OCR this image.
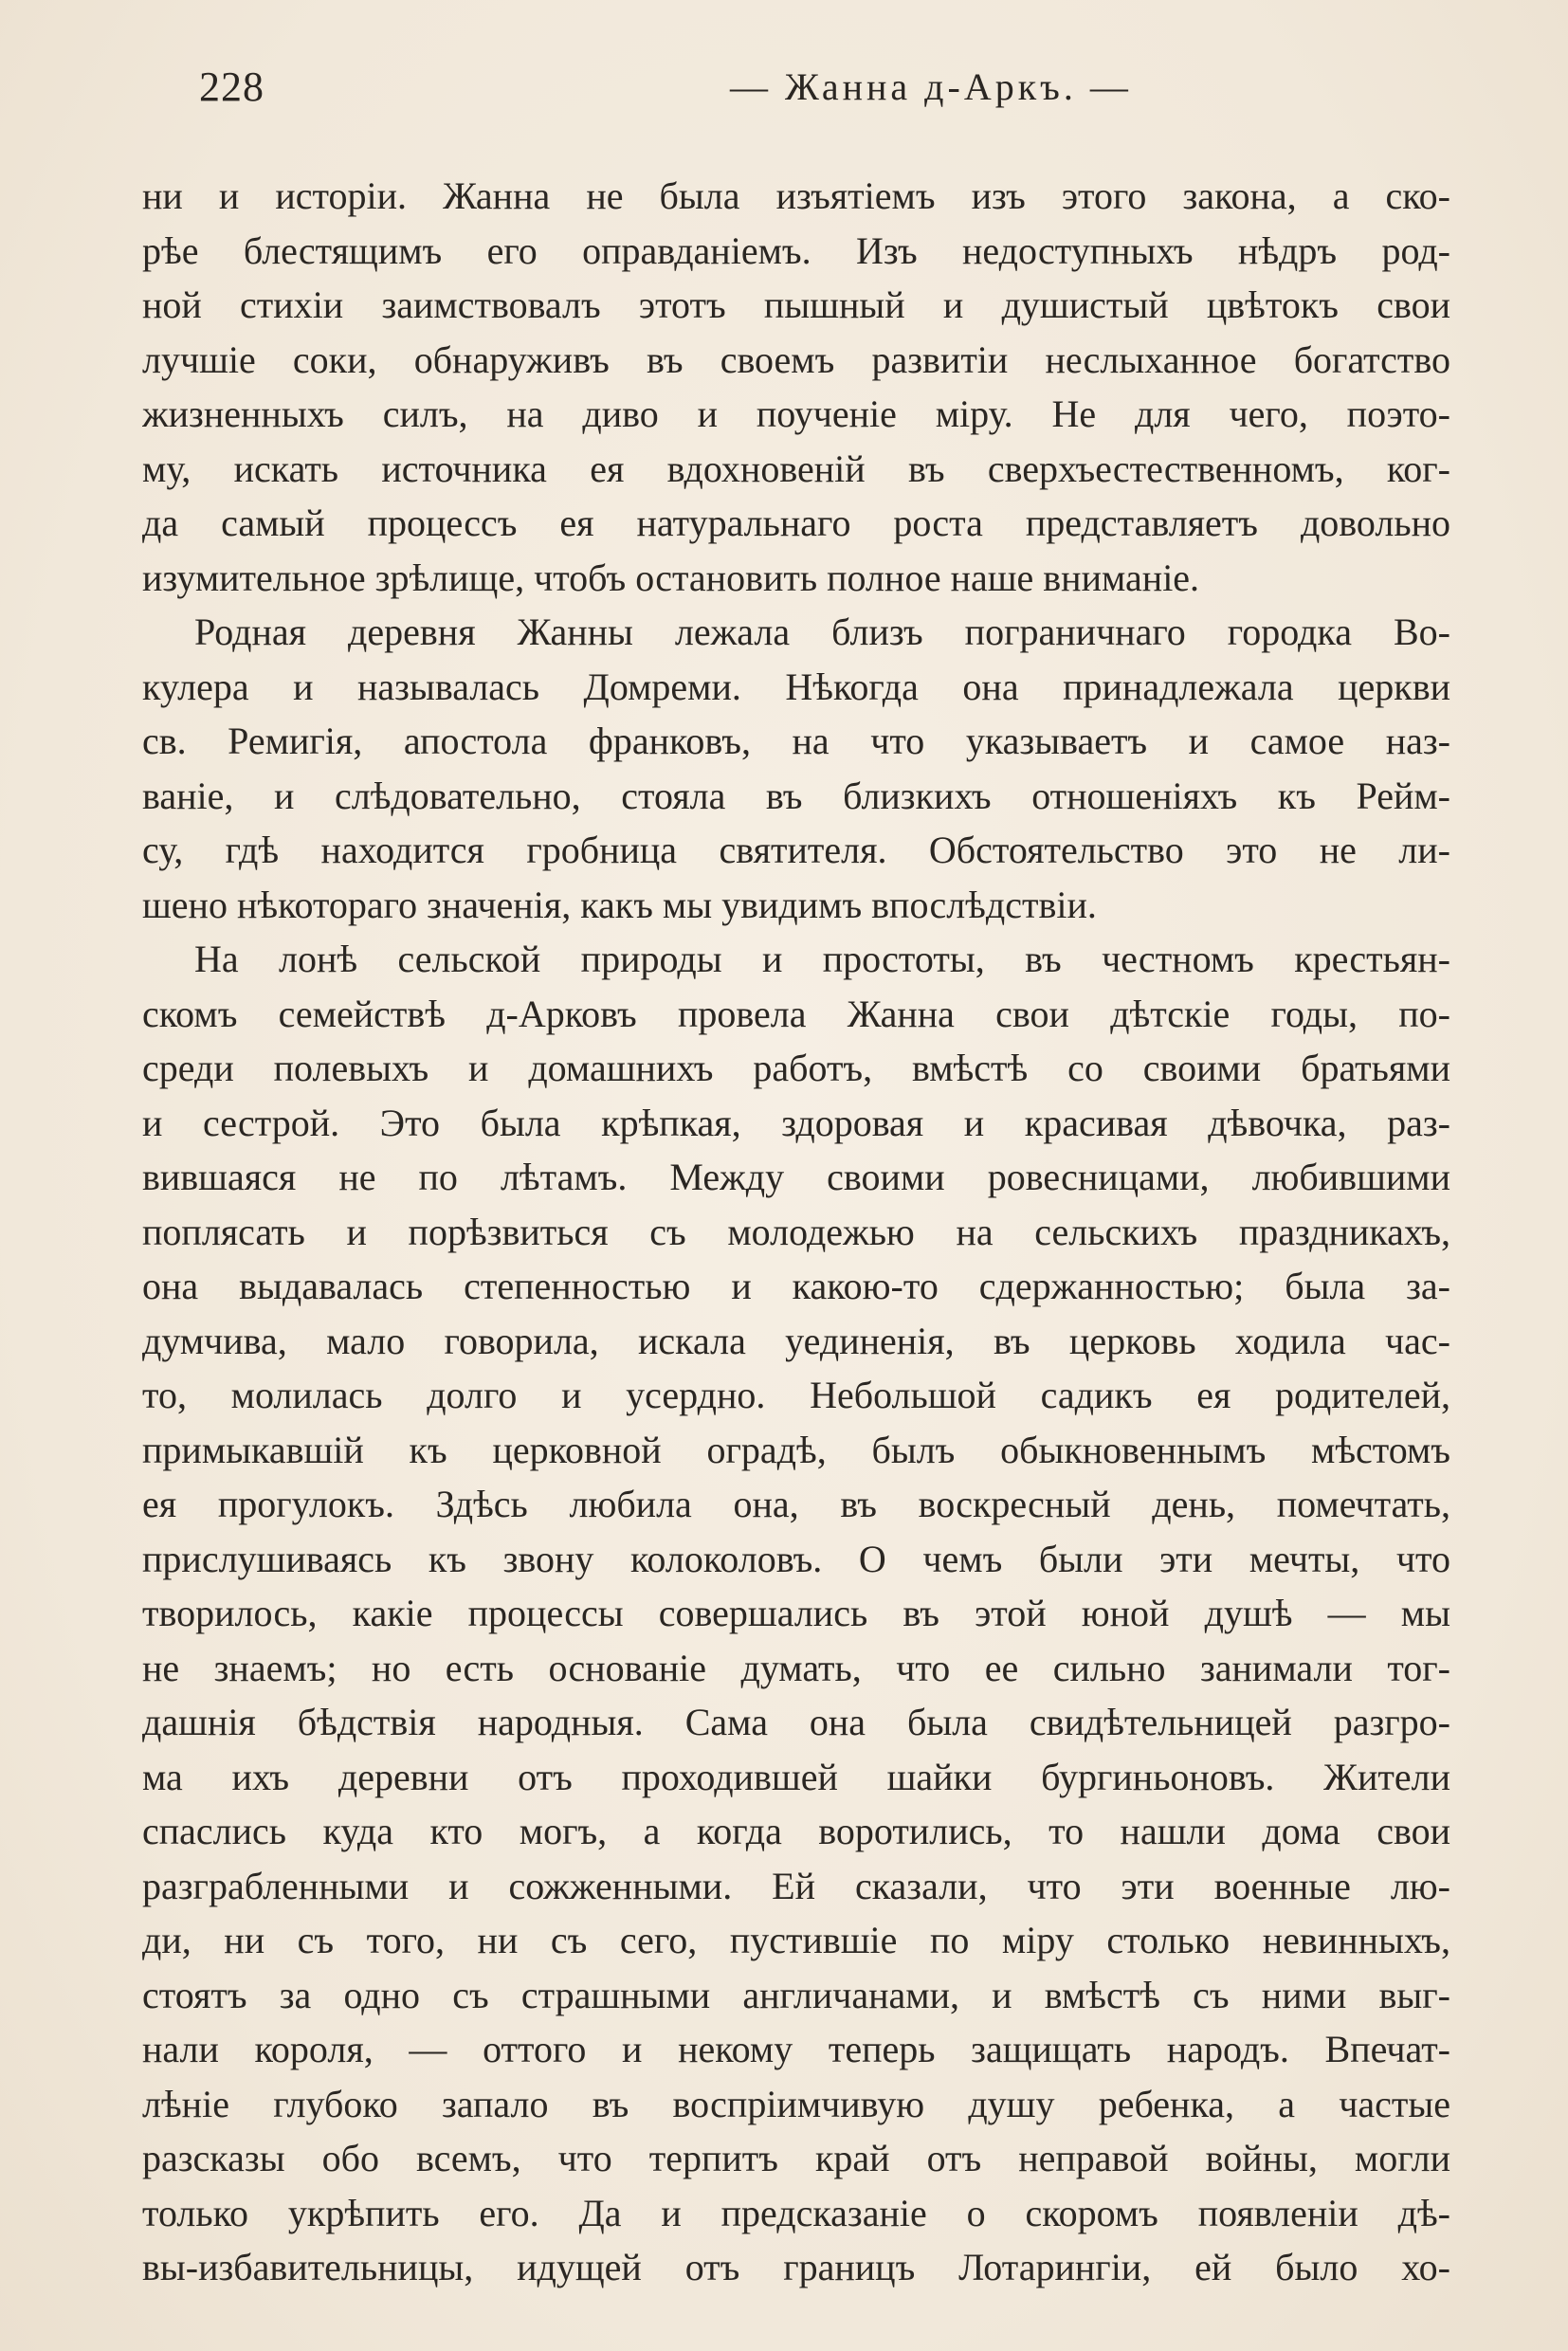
228	— Жанна д-Аркъ. —
ни и исторіи. Жанна не была изъятіемъ изъ этого закона, а ско-
рѣе блестящимъ его оправданіемъ. Изъ недоступныхъ нѣдръ род-
ной стихіи заимствовалъ этотъ пышный и душистый цвѣтокъ свои
лучшіе соки, обнаруживъ въ своемъ развитіи неслыханное богатство
жизненныхъ силъ, на диво и поученіе міру. Не для чего, поэто-
му, искать источника ея вдохновеній въ сверхъестественномъ, ког-
да самый процессъ ея натуральнаго роста представляетъ довольно
изумительное зрѣлище, чтобъ остановить полное наше вниманіе.
Родная деревня Жанны лежала близъ пограничнаго городка Во-
кулера и называлась Домреми. Нѣкогда она принадлежала церкви
св. Ремигія, апостола франковъ, на что указываетъ и самое наз-
ваніе, и слѣдовательно, стояла въ близкихъ отношеніяхъ къ Рейм-
су, гдѣ находится гробница святителя. Обстоятельство это не ли-
шено нѣкотораго значенія, какъ мы увидимъ впослѣдствіи.
На лонѣ сельской природы и простоты, въ честномъ крестьян-
скомъ семействѣ д-Арковъ провела Жанна свои дѣтскіе годы, по-
среди полевыхъ и домашнихъ работъ, вмѣстѣ со своими братьями
и сестрой. Это была крѣпкая, здоровая и красивая дѣвочка, раз-
вившаяся не по лѣтамъ. Между своими ровесницами, любившими
поплясать и порѣзвиться съ молодежью на сельскихъ праздникахъ,
она выдавалась степенностью и какою-то сдержанностью; была за-
думчива, мало говорила, искала уединенія, въ церковь ходила час-
то, молилась долго и усердно. Небольшой садикъ ея родителей,
примыкавшій къ церковной оградѣ, былъ обыкновеннымъ мѣстомъ
ея прогулокъ. Здѣсь любила она, въ воскресный день, помечтать,
прислушиваясь къ звону колоколовъ. О чемъ были эти мечты, что
творилось, какіе процессы совершались въ этой юной душѣ — мы
не знаемъ; но есть основаніе думать, что ее сильно занимали тог-
дашнія бѣдствія народныя. Сама она была свидѣтельницей разгро-
ма ихъ деревни отъ проходившей шайки бургиньоновъ. Жители
спаслись куда кто могъ, а когда воротились, то нашли дома свои
разграбленными и сожженными. Ей сказали, что эти военные лю-
ди, ни съ того, ни съ сего, пустившіе по міру столько невинныхъ,
стоятъ за одно съ страшными англичанами, и вмѣстѣ съ ними выг-
нали короля, — оттого и некому теперь защищать народъ. Впечат-
лѣніе глубоко запало въ воспріимчивую душу ребенка, а частые
разсказы обо всемъ, что терпитъ край отъ неправой войны, могли
только укрѣпить его. Да и предсказаніе о скоромъ появленіи дѣ-
вы-избавительницы, идущей отъ границъ Лотарингіи, ей было хо-
